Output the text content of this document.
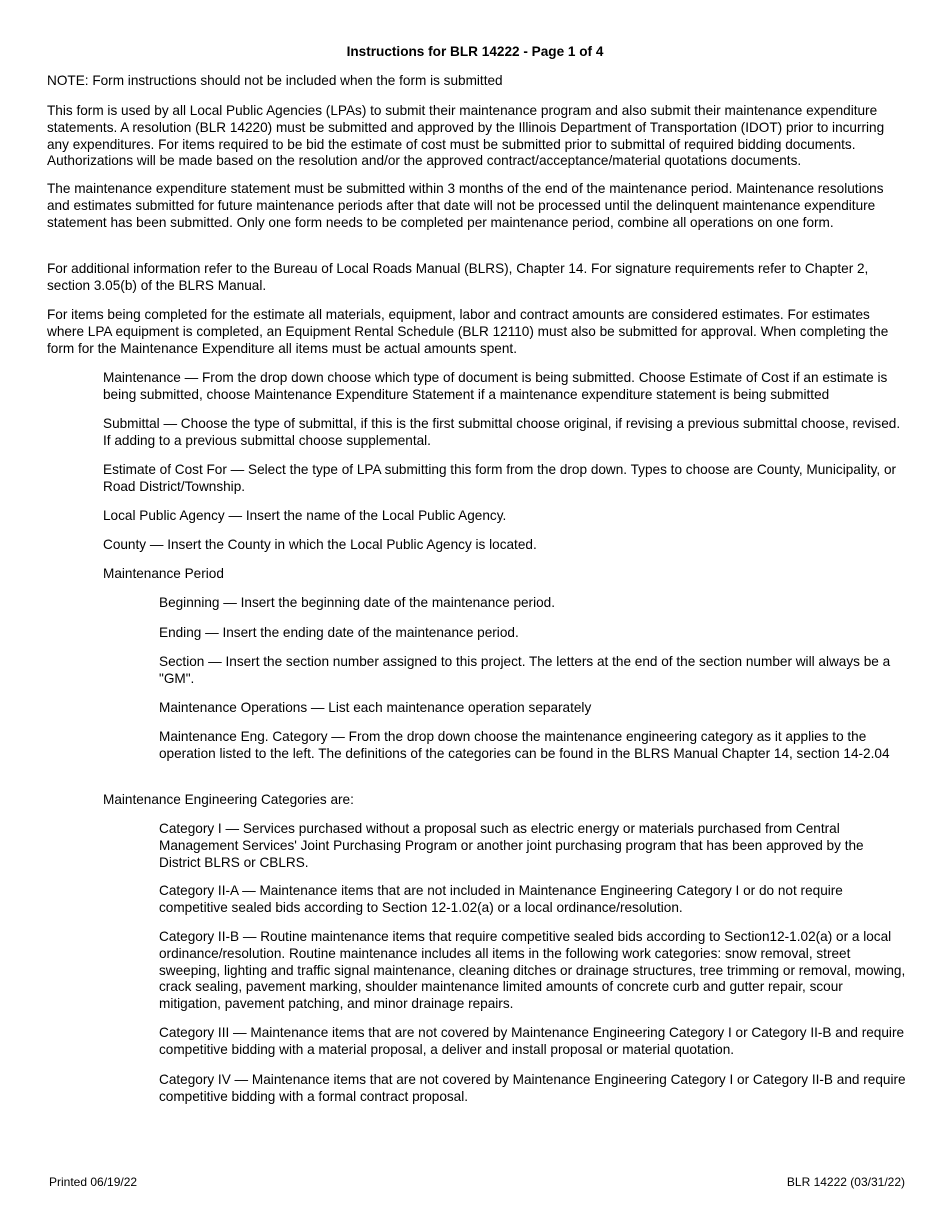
Instructions for BLR 14222 - Page 1 of 4

NOTE: Form instructions should not be included when the form is submitted

This form is used by all Local Public Agencies (LPAs) to submit their maintenance program and also submit their maintenance expenditure statements. A resolution (BLR 14220) must be submitted and approved by the Illinois Department of Transportation (IDOT) prior to incurring any expenditures. For items required to be bid the estimate of cost must be submitted prior to submittal of required bidding documents. Authorizations will be made based on the resolution and/or the approved contract/acceptance/material quotations documents.

The maintenance expenditure statement must be submitted within 3 months of the end of the maintenance period. Maintenance resolutions and estimates submitted for future maintenance periods after that date will not be processed until the delinquent maintenance expenditure statement has been submitted. Only one form needs to be completed per maintenance period, combine all operations on one form.

For additional information refer to the Bureau of Local Roads Manual (BLRS), Chapter 14. For signature requirements refer to Chapter 2, section 3.05(b) of the BLRS Manual.

For items being completed for the estimate all materials, equipment, labor and contract amounts are considered estimates. For estimates where LPA equipment is completed, an Equipment Rental Schedule (BLR 12110) must also be submitted for approval. When completing the form for the Maintenance Expenditure all items must be actual amounts spent.

Maintenance — From the drop down choose which type of document is being submitted. Choose Estimate of Cost if an estimate is being submitted, choose Maintenance Expenditure Statement if a maintenance expenditure statement is being submitted

Submittal — Choose the type of submittal, if this is the first submittal choose original, if revising a previous submittal choose, revised. If adding to a previous submittal choose supplemental.

Estimate of Cost For — Select the type of LPA submitting this form from the drop down. Types to choose are County, Municipality, or Road District/Township.

Local Public Agency — Insert the name of the Local Public Agency.

County — Insert the County in which the Local Public Agency is located.

Maintenance Period

Beginning — Insert the beginning date of the maintenance period.

Ending — Insert the ending date of the maintenance period.

Section — Insert the section number assigned to this project. The letters at the end of the section number will always be a "GM".

Maintenance Operations — List each maintenance operation separately

Maintenance Eng. Category — From the drop down choose the maintenance engineering category as it applies to the operation listed to the left. The definitions of the categories can be found in the BLRS Manual Chapter 14, section 14-2.04

Maintenance Engineering Categories are:

Category I — Services purchased without a proposal such as electric energy or materials purchased from Central Management Services' Joint Purchasing Program or another joint purchasing program that has been approved by the District BLRS or CBLRS.

Category II-A — Maintenance items that are not included in Maintenance Engineering Category I or do not require competitive sealed bids according to Section 12-1.02(a) or a local ordinance/resolution.

Category II-B — Routine maintenance items that require competitive sealed bids according to Section12-1.02(a) or a local ordinance/resolution. Routine maintenance includes all items in the following work categories: snow removal, street sweeping, lighting and traffic signal maintenance, cleaning ditches or drainage structures, tree trimming or removal, mowing, crack sealing, pavement marking, shoulder maintenance limited amounts of concrete curb and gutter repair, scour mitigation, pavement patching, and minor drainage repairs.

Category III — Maintenance items that are not covered by Maintenance Engineering Category I or Category II-B and require competitive bidding with a material proposal, a deliver and install proposal or material quotation.

Category IV — Maintenance items that are not covered by Maintenance Engineering Category I or Category II-B and require competitive bidding with a formal contract proposal.

Printed 06/19/22	BLR 14222 (03/31/22)
